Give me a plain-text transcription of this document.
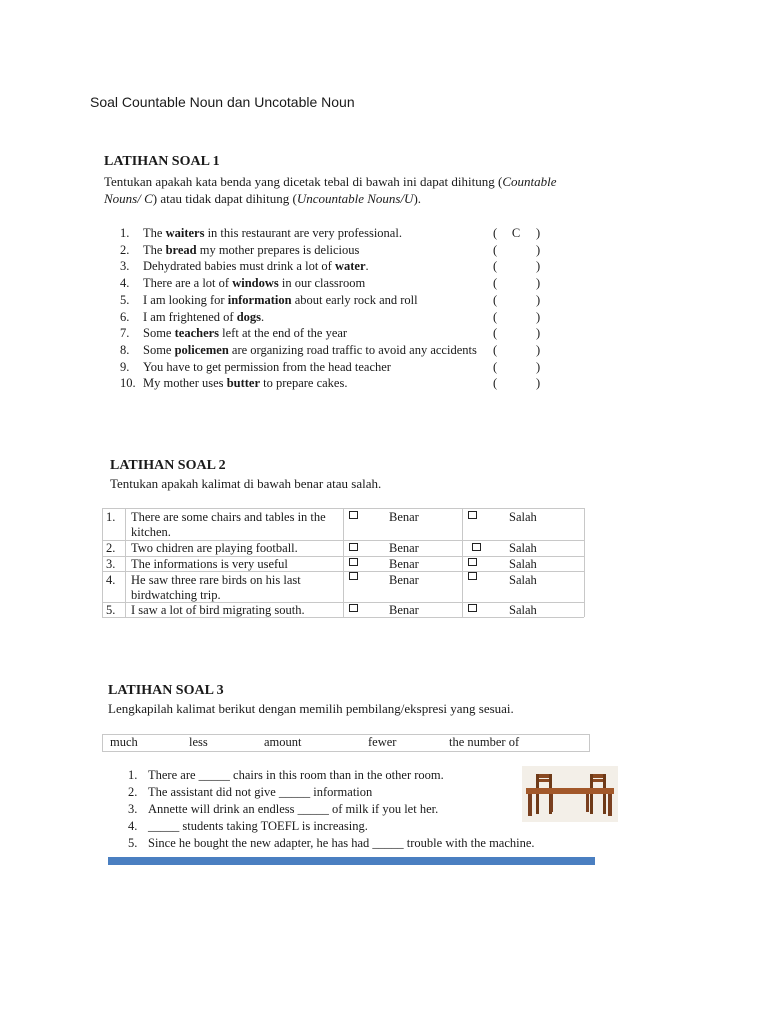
Soal Countable Noun dan Uncotable Noun
LATIHAN SOAL 1
Tentukan apakah kata benda yang dicetak tebal di bawah ini dapat dihitung (Countable
Nouns/ C) atau tidak dapat dihitung (Uncountable Nouns/U).
1.	The waiters in this restaurant are very professional.	( C )
2.	The bread my mother prepares is delicious	(	)
3.	Dehydrated babies must drink a lot of water.	(	)
4.	There are a lot of windows in our classroom	(	)
5.	I am looking for information about early rock and roll	(	)
6.	I am frightened of dogs.	(	)
7.	Some teachers left at the end of the year	(	)
8.	Some policemen are organizing road traffic to avoid any accidents (	)
9.	You have to get permission from the head teacher	(	)
10. My mother uses butter to prepare cakes.	(	)
LATIHAN SOAL 2
Tentukan apakah kalimat di bawah benar atau salah.
1. There are some chairs and tables in the
kitchen.
Benar	Salah
2. Two chidren are playing football.	Benar	Salah
3. The informations is very useful	Benar	Salah
4. He saw three rare birds on his last
birdwatching trip.
Benar	Salah
5. I saw a lot of bird migrating south.	Benar	Salah
LATIHAN SOAL 3
Lengkapilah kalimat berikut dengan memilih pembilang/ekspresi yang sesuai.
much	less	amount	fewer	the number of
1. There are _____ chairs in this room than in the other room.
2. The assistant did not give _____ information
3. Annette will drink an endless _____ of milk if you let her.
4. _____ students taking TOEFL is increasing.
5. Since he bought the new adapter, he has had _____ trouble with the machine.
